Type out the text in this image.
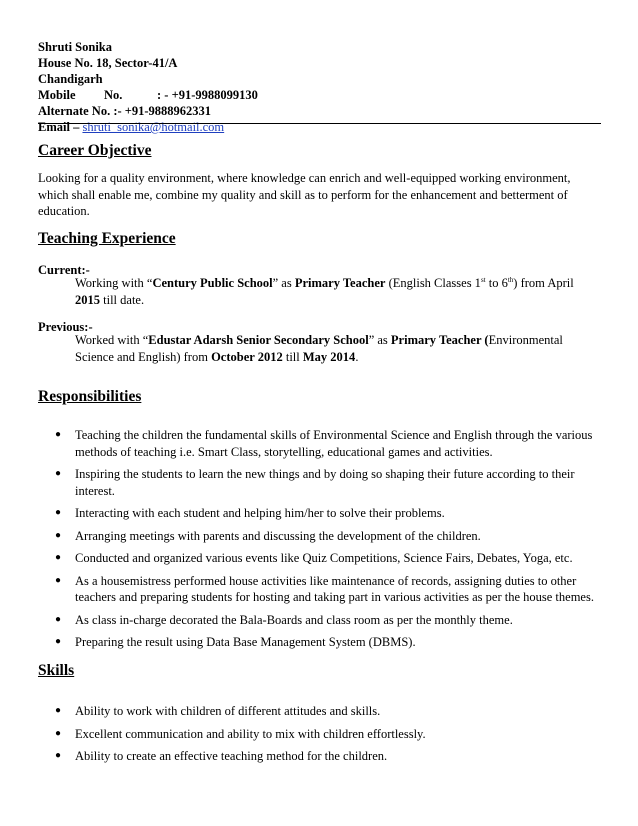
Shruti Sonika
House No. 18, Sector-41/A
Chandigarh
Mobile No.	: - +91-9988099130
Alternate No. :- +91-9888962331
Email – shruti_sonika@hotmail.com
Career Objective

Looking for a quality environment, where knowledge can enrich and well-equipped working environment, which shall enable me, combine my quality and skill as to perform for the enhancement and betterment of education.

Teaching Experience
Current:-
Working with “Century Public School” as Primary Teacher (English Classes 1st to 6th) from April 2015 till date.
Previous:-
Worked with “Edustar Adarsh Senior Secondary School” as Primary Teacher (Environmental Science and English) from October 2012 till May 2014.
Responsibilities
● Teaching the children the fundamental skills of Environmental Science and English through the various methods of teaching i.e. Smart Class, storytelling, educational games and activities.
● Inspiring the students to learn the new things and by doing so shaping their future according to their interest.
● Interacting with each student and helping him/her to solve their problems.
● Arranging meetings with parents and discussing the development of the children.
● Conducted and organized various events like Quiz Competitions, Science Fairs, Debates, Yoga, etc.
● As a housemistress performed house activities like maintenance of records, assigning duties to other teachers and preparing students for hosting and taking part in various activities as per the house themes.
● As class in-charge decorated the Bala-Boards and class room as per the monthly theme.
● Preparing the result using Data Base Management System (DBMS).
Skills
● Ability to work with children of different attitudes and skills.
● Excellent communication and ability to mix with children effortlessly.
● Ability to create an effective teaching method for the children.
